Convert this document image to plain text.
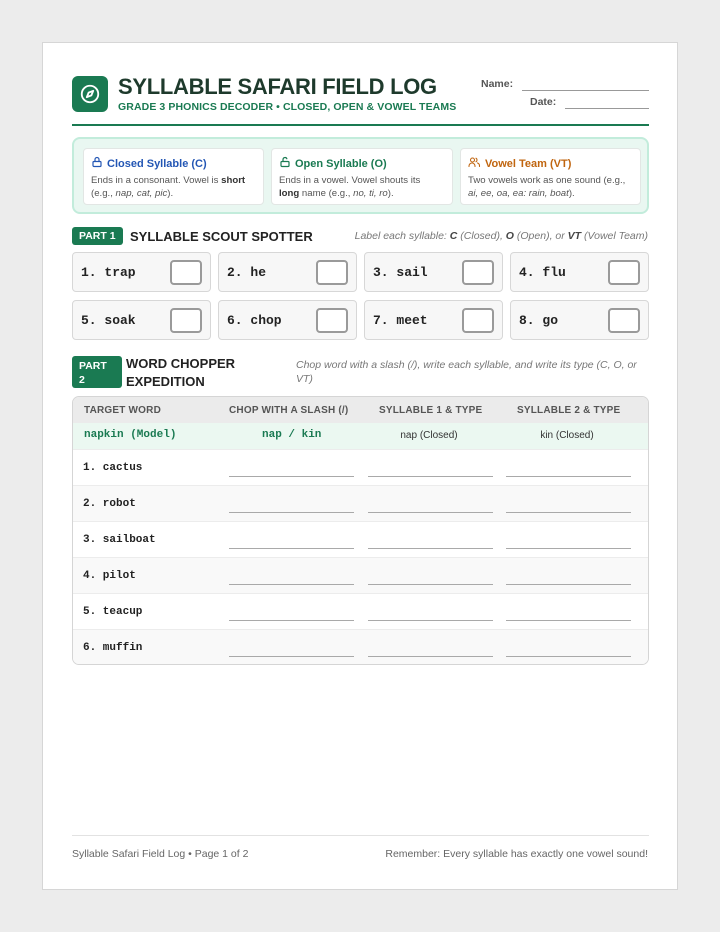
SYLLABLE SAFARI FIELD LOG
GRADE 3 PHONICS DECODER • CLOSED, OPEN & VOWEL TEAMS
Name:
Date:
Closed Syllable (C)
Ends in a consonant. Vowel is short
(e.g., nap, cat, pic).
Open Syllable (O)
Ends in a vowel. Vowel shouts its
long name (e.g., no, ti, ro).
Vowel Team (VT)
Two vowels work as one sound (e.g., ai, ee, oa, ea: rain, boat).
PART 1	SYLLABLE SCOUT SPOTTER	Label each syllable: C (Closed), O (Open), or VT (Vowel Team)
1. trap	2. he	3. sail	4. flu
5. soak	6. chop	7. meet	8. go
PART
2
WORD CHOPPER
EXPEDITION
Chop word with a slash (/), write each syllable, and write its type (C, O, or VT)
TARGET WORD	CHOP WITH A SLASH (/)	SYLLABLE 1 & TYPE	SYLLABLE 2 & TYPE
napkin (Model)	nap / kin	nap (Closed)	kin (Closed)
1. cactus
2. robot
3. sailboat
4. pilot
5. teacup
6. muffin
Syllable Safari Field Log • Page 1 of 2	Remember: Every syllable has exactly one vowel sound!
